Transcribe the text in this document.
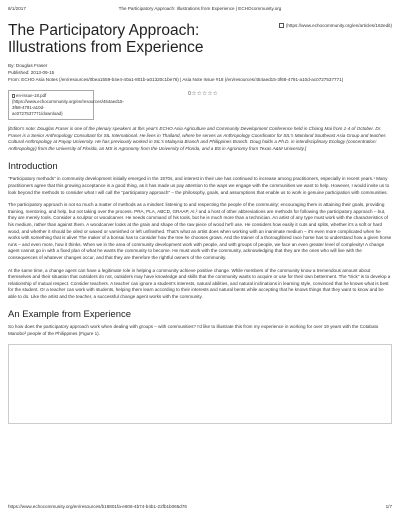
8/1/2017	The Participatory Approach: Illustrations from Experience | ECHOcommunity.org
The Participatory Approach: Illustrations from Experience
(https://www.echocommunity.org/en/articles/162edit)
By: Douglas Fraser
Published: 2013-09-15
From: ECHO Asia Notes (/en/resources/0bea1559-b4e4-40a1-801b-a01320c1be76) | Asia Note Issue #18 (/en/resources/454aed15-3f68-4791-a10d-ac0727537771)
en-issue-18.pdf (https://www.echocommunity.org/en/resources/454aed15-3f68-4791-a10d-ac0727537771/download)
0☆☆☆☆☆

[Editor's note: Douglas Fraser is one of the plenary speakers at this year's ECHO Asia Agriculture and Community Development Conference held in Chiang Mai from 1-4 of October. Dr. Fraser is a Senior Anthropology Consultant for SIL International. He lives in Thailand, where he serves as Anthropology Coordinator for SIL's Mainland Southeast Asia Group and teaches Cultural Anthropology at Payap University. He has previously worked in SIL's Malaysia Branch and Philippines Branch. Doug holds a Ph.D. in interdisciplinary Ecology (concentration: Anthropology) from the University of Florida, an MS in Agronomy from the University of Florida, and a BS in Agronomy from Texas A&M University.]

Introduction

"Participatory methods" in community development initially emerged in the 1970s, and interest in their use has continued to increase among practitioners, especially in recent years.¹ Many practitioners agree that this growing acceptance is a good thing, as it has made us pay attention to the ways we engage with the communities we want to help. However, I would invite us to look beyond the methods to consider what I will call the "participatory approach" – the philosophy, goals, and assumptions that enable us to work in genuine participation with communities.

The participatory approach is not so much a matter of methods as a mindset: listening to and respecting the people of the community; encouraging them in attaining their goals, providing training, mentoring, and help, but not taking over the process. PRA, PLA, ABCD, GRAAP, AI,² and a host of other abbreviations are methods for following the participatory approach – but, they are merely tools. Consider a sculptor or woodcarver. He needs command of his tools, but he is much more than a technician. An artist of any type must work with the characteristics of his medium, rather than against them. A woodcarver looks at the grain and shape of the raw piece of wood he'll use. He considers how easily it cuts and splits, whether it's a soft or hard wood, and whether it should be oiled or waxed or varnished or left unfinished. That's what an artist does when working with an inanimate medium – it's even more complicated when he works with something that is alive! The maker of a bonsai has to consider how the tree he chooses grows. And the trainer of a thoroughbred race horse has to understand how a given horse runs – and even more, how it thinks. When we in the area of community development work with people, and with groups of people, we face an even greater level of complexity! A change agent cannot go in with a fixed plan of what he wants the community to become. He must work with the community, acknowledging that they are the ones who will live with the consequences of whatever changes occur, and that they are therefore the rightful owners of the community.

At the same time, a change agent can have a legitimate role in helping a community achieve positive change. While members of the community know a tremendous amount about themselves and their situation that outsiders do not, outsiders may have knowledge and skills that the community wants to acquire or use for their own betterment. The "trick" is to develop a relationship of mutual respect. Consider teachers. A teacher can ignore a student's interests, natural abilities, and natural inclinations in learning style, convinced that he knows what is best for the student. Or a teacher can work with students, helping them learn according to their interests and natural bents while accepting that he knows things that they want to know and be able to do. Like the artist and the teacher, a successful change agent works with the community.

An Example from Experience

So how does the participatory approach work when dealing with groups – with communities? I'd like to illustrate this from my experience in working for over 19 years with the Cotabato Manobo³ people of the Philippines (Figure 1).

https://www.echocommunity.org/en/resources/b18801fa-e606-4b74-b4b1-22fb1b065d76	1/7
